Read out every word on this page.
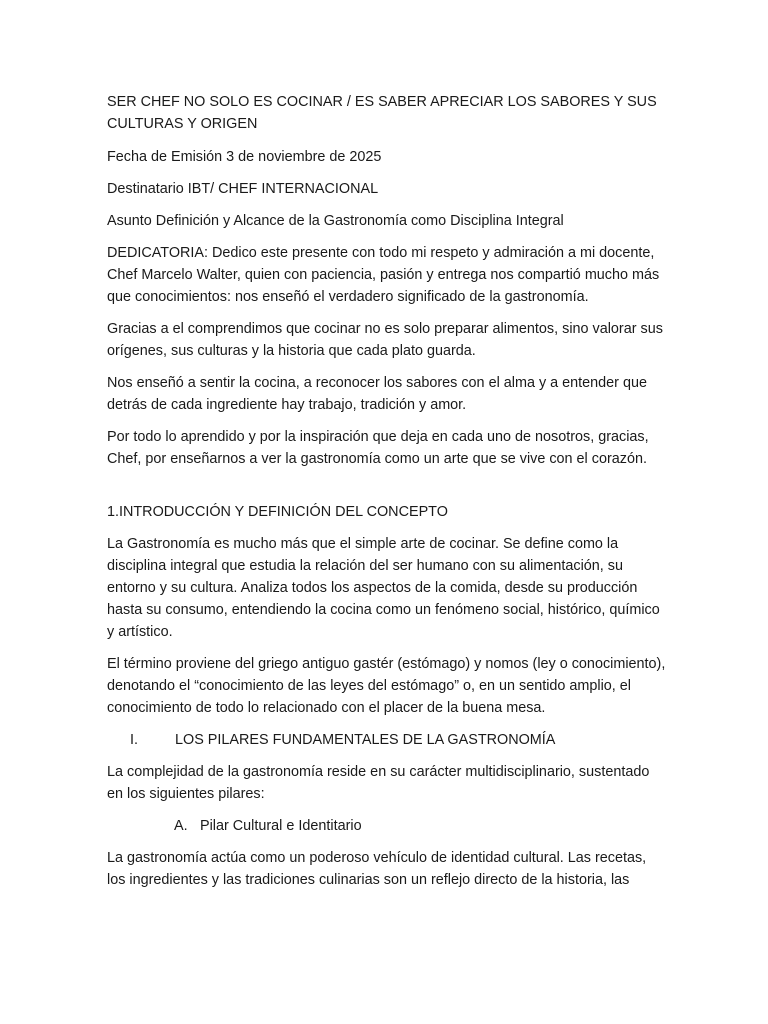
SER CHEF NO SOLO ES COCINAR / ES SABER APRECIAR LOS SABORES Y SUS CULTURAS Y ORIGEN

Fecha de Emisión 3 de noviembre de 2025

Destinatario IBT/ CHEF INTERNACIONAL

Asunto Definición y Alcance de la Gastronomía como Disciplina Integral

DEDICATORIA: Dedico este presente con todo mi respeto y admiración a mi docente, Chef Marcelo Walter, quien con paciencia, pasión y entrega nos compartió mucho más que conocimientos: nos enseñó el verdadero significado de la gastronomía.

Gracias a el comprendimos que cocinar no es solo preparar alimentos, sino valorar sus orígenes, sus culturas y la historia que cada plato guarda.

Nos enseñó a sentir la cocina, a reconocer los sabores con el alma y a entender que detrás de cada ingrediente hay trabajo, tradición y amor.

Por todo lo aprendido y por la inspiración que deja en cada uno de nosotros, gracias, Chef, por enseñarnos a ver la gastronomía como un arte que se vive con el corazón.

1.INTRODUCCIÓN Y DEFINICIÓN DEL CONCEPTO

La Gastronomía es mucho más que el simple arte de cocinar. Se define como la disciplina integral que estudia la relación del ser humano con su alimentación, su entorno y su cultura. Analiza todos los aspectos de la comida, desde su producción hasta su consumo, entendiendo la cocina como un fenómeno social, histórico, químico y artístico.

El término proviene del griego antiguo gastér (estómago) y nomos (ley o conocimiento), denotando el “conocimiento de las leyes del estómago” o, en un sentido amplio, el conocimiento de todo lo relacionado con el placer de la buena mesa.

I.	LOS PILARES FUNDAMENTALES DE LA GASTRONOMÍA

La complejidad de la gastronomía reside en su carácter multidisciplinario, sustentado en los siguientes pilares:

A. Pilar Cultural e Identitario

La gastronomía actúa como un poderoso vehículo de identidad cultural. Las recetas, los ingredientes y las tradiciones culinarias son un reflejo directo de la historia, las
